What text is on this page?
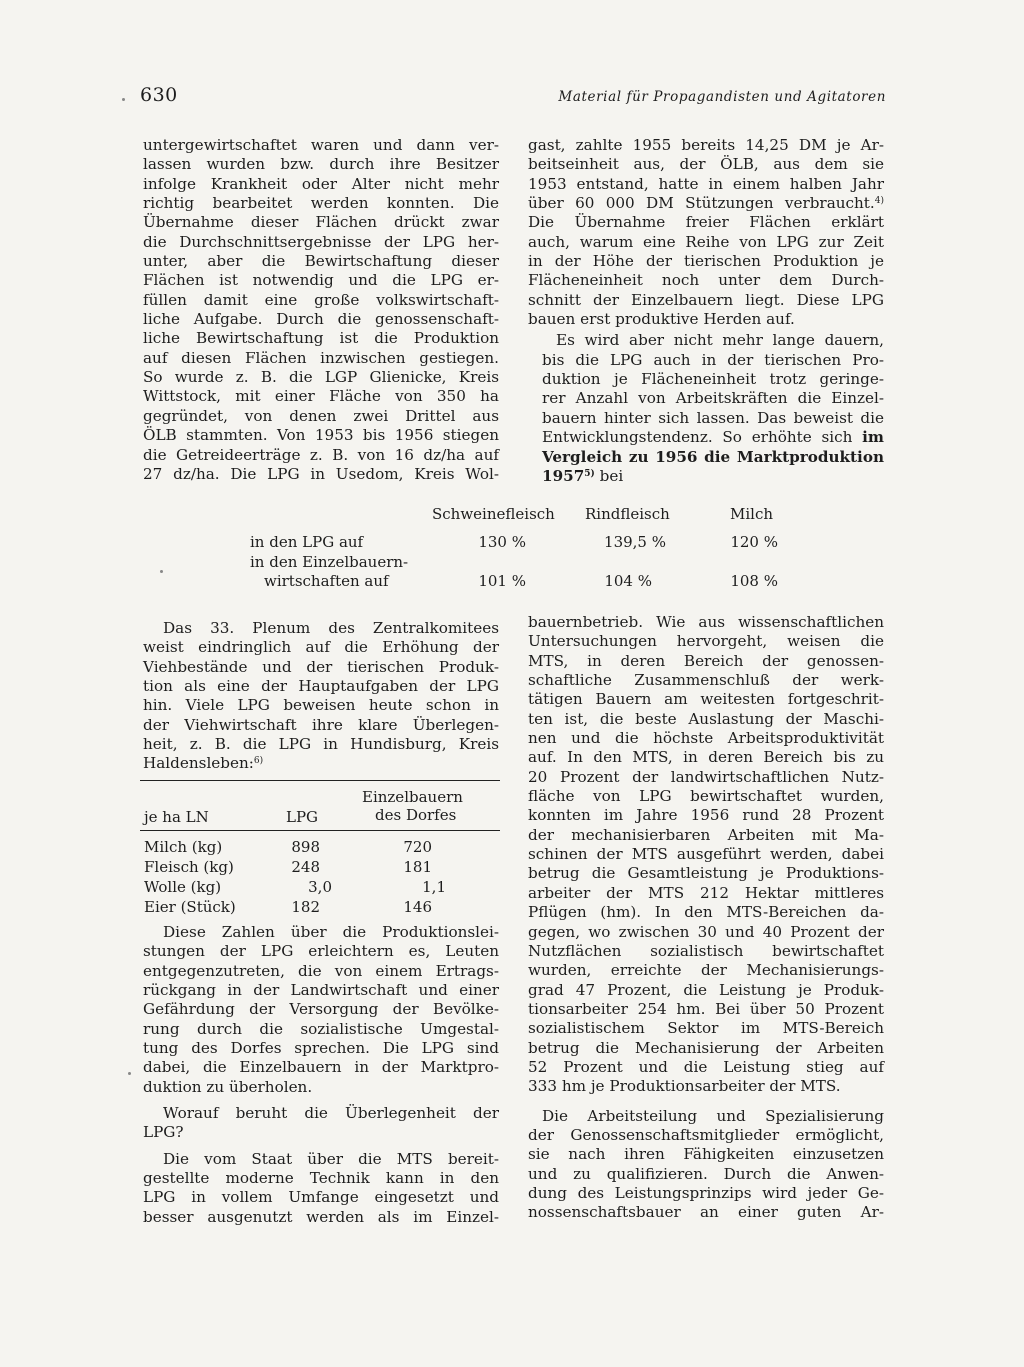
630	Material für Propagandisten und Agitatoren

untergewirtschaftet waren und dann ver-
lassen wurden bzw. durch ihre Besitzer
infolge Krankheit oder Alter nicht mehr
richtig bearbeitet werden konnten. Die
Übernahme dieser Flächen drückt zwar
die Durchschnittsergebnisse der LPG her-
unter, aber die Bewirtschaftung dieser
Flächen ist notwendig und die LPG er-
füllen damit eine große volkswirtschaft-
liche Aufgabe. Durch die genossenschaft-
liche Bewirtschaftung ist die Produktion
auf diesen Flächen inzwischen gestiegen.
So wurde z. B. die LGP Glienicke, Kreis
Wittstock, mit einer Fläche von 350 ha
gegründet, von denen zwei Drittel aus
ÖLB stammten. Von 1953 bis 1956 stiegen
die Getreideerträge z. B. von 16 dz/ha auf
27 dz/ha. Die LPG in Usedom, Kreis Wol-

gast, zahlte 1955 bereits 14,25 DM je Ar-
beitseinheit aus, der ÖLB, aus dem sie
1953 entstand, hatte in einem halben Jahr
über 60 000 DM Stützungen verbraucht.$^{4)}$
Die Übernahme freier Flächen erklärt
auch, warum eine Reihe von LPG zur Zeit
in der Höhe der tierischen Produktion je
Flächeneinheit noch unter dem Durch-
schnitt der Einzelbauern liegt. Diese LPG
bauen erst produktive Herden auf.

Es wird aber nicht mehr lange dauern,
bis die LPG auch in der tierischen Pro-
duktion je Flächeneinheit trotz geringe-
rer Anzahl von Arbeitskräften die Einzel-
bauern hinter sich lassen. Das beweist die
Entwicklungstendenz. So erhöhte sich im
Vergleich zu 1956 die Marktproduktion
1957$^{5)}$ bei

Schweinefleisch Rindfleisch	Milch
in den LPG auf	130 %	139,5 %	120 %
in den Einzelbauern-
wirtschaften auf	101 %	104 %	108 %

Das 33. Plenum des Zentralkomitees
weist eindringlich auf die Erhöhung der
Viehbestände und der tierischen Produk-
tion als eine der Hauptaufgaben der LPG
hin. Viele LPG beweisen heute schon in
der Viehwirtschaft ihre klare Überlegen-
heit, z. B. die LPG in Hundisburg, Kreis
Haldensleben:$^{6)}$

Einzelbauern
je ha LN	LPG	des Dorfes
Milch (kg)	898	720
Fleisch (kg)	248	181
Wolle (kg)	3,0	1,1
Eier (Stück)	182	146

Diese Zahlen über die Produktionslei-
stungen der LPG erleichtern es, Leuten
entgegenzutreten, die von einem Ertrags-
rückgang in der Landwirtschaft und einer
Gefährdung der Versorgung der Bevölke-
rung durch die sozialistische Umgestal-
tung des Dorfes sprechen. Die LPG sind
dabei, die Einzelbauern in der Marktpro-
duktion zu überholen.

Worauf beruht die Überlegenheit der
LPG?

Die vom Staat über die MTS bereit-
gestellte moderne Technik kann in den
LPG in vollem Umfange eingesetzt und
besser ausgenutzt werden als im Einzel-

bauernbetrieb. Wie aus wissenschaftlichen
Untersuchungen hervorgeht, weisen die
MTS, in deren Bereich der genossen-
schaftliche Zusammenschluß der werk-
tätigen Bauern am weitesten fortgeschrit-
ten ist, die beste Auslastung der Maschi-
nen und die höchste Arbeitsproduktivität
auf. In den MTS, in deren Bereich bis zu
20 Prozent der landwirtschaftlichen Nutz-
fläche von LPG bewirtschaftet wurden,
konnten im Jahre 1956 rund 28 Prozent
der mechanisierbaren Arbeiten mit Ma-
schinen der MTS ausgeführt werden, dabei
betrug die Gesamtleistung je Produktions-
arbeiter der MTS 212 Hektar mittleres
Pflügen (hm). In den MTS-Bereichen da-
gegen, wo zwischen 30 und 40 Prozent der
Nutzflächen sozialistisch bewirtschaftet
wurden, erreichte der Mechanisierungs-
grad 47 Prozent, die Leistung je Produk-
tionsarbeiter 254 hm. Bei über 50 Prozent
sozialistischem Sektor im MTS-Bereich
betrug die Mechanisierung der Arbeiten
52 Prozent und die Leistung stieg auf
333 hm je Produktionsarbeiter der MTS.

Die Arbeitsteilung und Spezialisierung
der Genossenschaftsmitglieder ermöglicht,
sie nach ihren Fähigkeiten einzusetzen
und zu qualifizieren. Durch die Anwen-
dung des Leistungsprinzips wird jeder Ge-
nossenschaftsbauer an einer guten Ar-
